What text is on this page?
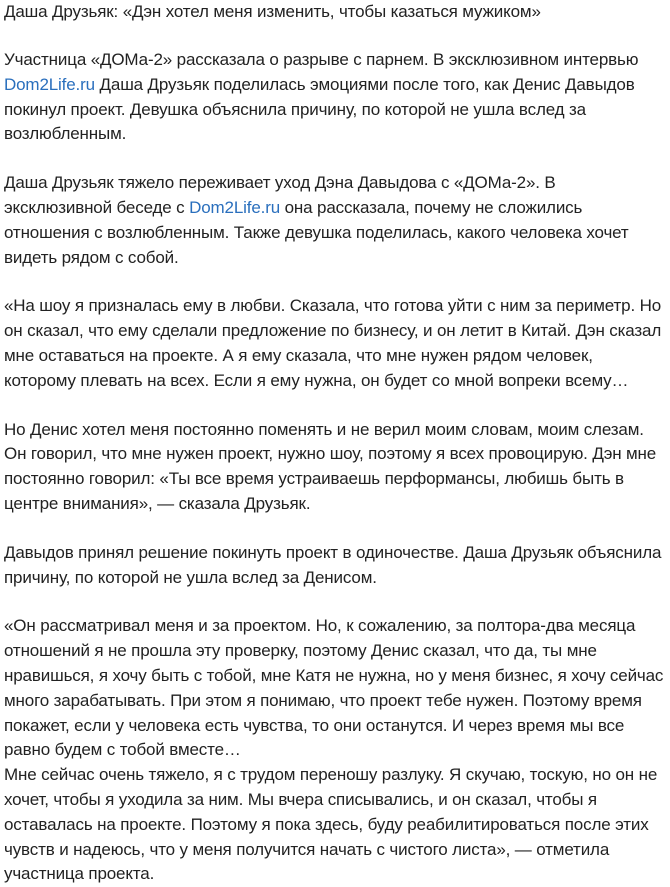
Даша Друзьяк: «Дэн хотел меня изменить, чтобы казаться мужиком»

Участница «ДОМа-2» рассказала о разрыве с парнем. В эксклюзивном интервью Dom2Life.ru Даша Друзьяк поделилась эмоциями после того, как Денис Давыдов покинул проект. Девушка объяснила причину, по которой не ушла вслед за возлюбленным.

Даша Друзьяк тяжело переживает уход Дэна Давыдова с «ДОМа-2». В эксклюзивной беседе с Dom2Life.ru она рассказала, почему не сложились отношения с возлюбленным. Также девушка поделилась, какого человека хочет видеть рядом с собой.

«На шоу я призналась ему в любви. Сказала, что готова уйти с ним за периметр. Но он сказал, что ему сделали предложение по бизнесу, и он летит в Китай. Дэн сказал мне оставаться на проекте. А я ему сказала, что мне нужен рядом человек, которому плевать на всех. Если я ему нужна, он будет со мной вопреки всему…

Но Денис хотел меня постоянно поменять и не верил моим словам, моим слезам. Он говорил, что мне нужен проект, нужно шоу, поэтому я всех провоцирую. Дэн мне постоянно говорил: «Ты все время устраиваешь перформансы, любишь быть в центре внимания», — сказала Друзьяк.

Давыдов принял решение покинуть проект в одиночестве. Даша Друзьяк объяснила причину, по которой не ушла вслед за Денисом.

«Он рассматривал меня и за проектом. Но, к сожалению, за полтора-два месяца отношений я не прошла эту проверку, поэтому Денис сказал, что да, ты мне нравишься, я хочу быть с тобой, мне Катя не нужна, но у меня бизнес, я хочу сейчас много зарабатывать. При этом я понимаю, что проект тебе нужен. Поэтому время покажет, если у человека есть чувства, то они останутся. И через время мы все равно будем с тобой вместе…

Мне сейчас очень тяжело, я с трудом переношу разлуку. Я скучаю, тоскую, но он не хочет, чтобы я уходила за ним. Мы вчера списывались, и он сказал, чтобы я оставалась на проекте. Поэтому я пока здесь, буду реабилитироваться после этих чувств и надеюсь, что у меня получится начать с чистого листа», — отметила участница проекта.
